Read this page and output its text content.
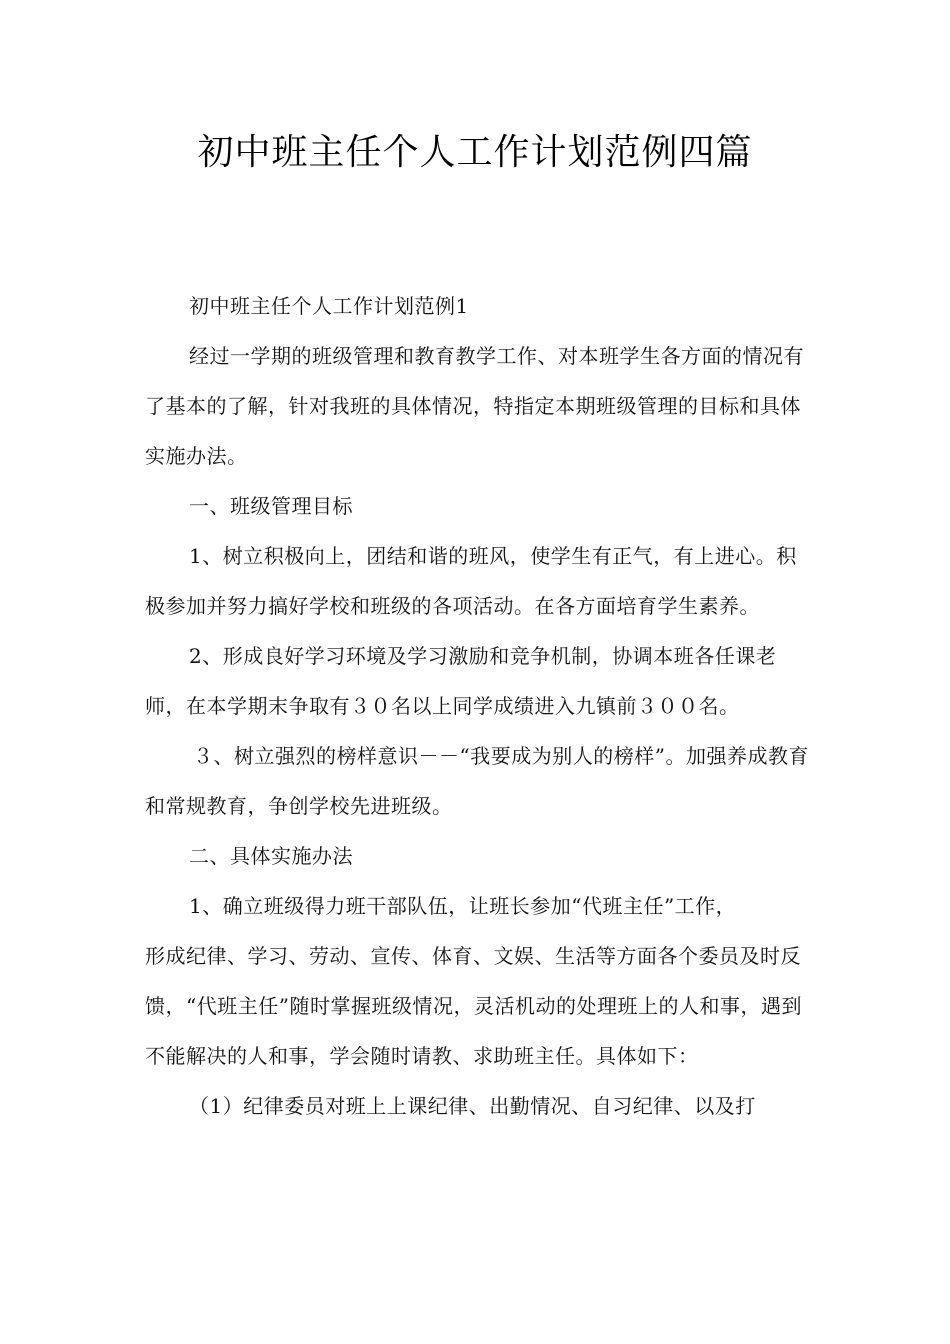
初中班主任个人工作计划范例四篇

初中班主任个人工作计划范例1

经过一学期的班级管理和教育教学工作、对本班学生各方面的情况有了基本的了解，针对我班的具体情况，特指定本期班级管理的目标和具体实施办法。

一、班级管理目标

1、树立积极向上，团结和谐的班风，使学生有正气，有上进心。积极参加并努力搞好学校和班级的各项活动。在各方面培育学生素养。

2、形成良好学习环境及学习激励和竞争机制，协调本班各任课老师，在本学期末争取有３０名以上同学成绩进入九镇前３００名。

３、树立强烈的榜样意识－－“我要成为别人的榜样”。加强养成教育和常规教育，争创学校先进班级。

二、具体实施办法

1、确立班级得力班干部队伍，让班长参加“代班主任”工作，

形成纪律、学习、劳动、宣传、体育、文娱、生活等方面各个委员及时反馈，“代班主任”随时掌握班级情况，灵活机动的处理班上的人和事，遇到不能解决的人和事，学会随时请教、求助班主任。具体如下：

（1）纪律委员对班上上课纪律、出勤情况、自习纪律、以及打
